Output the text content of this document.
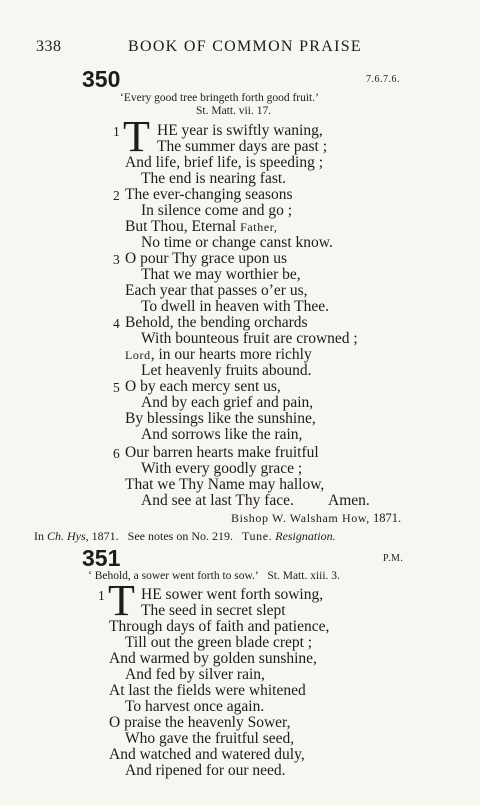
338	BOOK OF COMMON PRAISE
350	7.6.7.6.
‘Every good tree bringeth forth good fruit.’
St. Matt. vii. 17.
1 T HE year is swiftly waning,
The summer days are past ;
And life, brief life, is speeding ;
The end is nearing fast.
2 The ever-changing seasons
In silence come and go ;
But Thou, Eternal Father,
No time or change canst know.
3 O pour Thy grace upon us
That we may worthier be,
Each year that passes o’er us,
To dwell in heaven with Thee.
4 Behold, the bending orchards
With bounteous fruit are crowned ;
Lord, in our hearts more richly
Let heavenly fruits abound.
5 O by each mercy sent us,
And by each grief and pain,
By blessings like the sunshine,
And sorrows like the rain,
6 Our barren hearts make fruitful
With every goodly grace ;
That we Thy Name may hallow,
And see at last Thy face. Amen.
Bishop W. Walsham How, 1871.
In Ch. Hys, 1871. See notes on No. 219. Tune. Resignation.
351	P.M.
‘ Behold, a sower went forth to sow.’ St. Matt. xiii. 3.
1 T HE sower went forth sowing,
The seed in secret slept
Through days of faith and patience,
Till out the green blade crept ;
And warmed by golden sunshine,
And fed by silver rain,
At last the fields were whitened
To harvest once again.
O praise the heavenly Sower,
Who gave the fruitful seed,
And watched and watered duly,
And ripened for our need.
